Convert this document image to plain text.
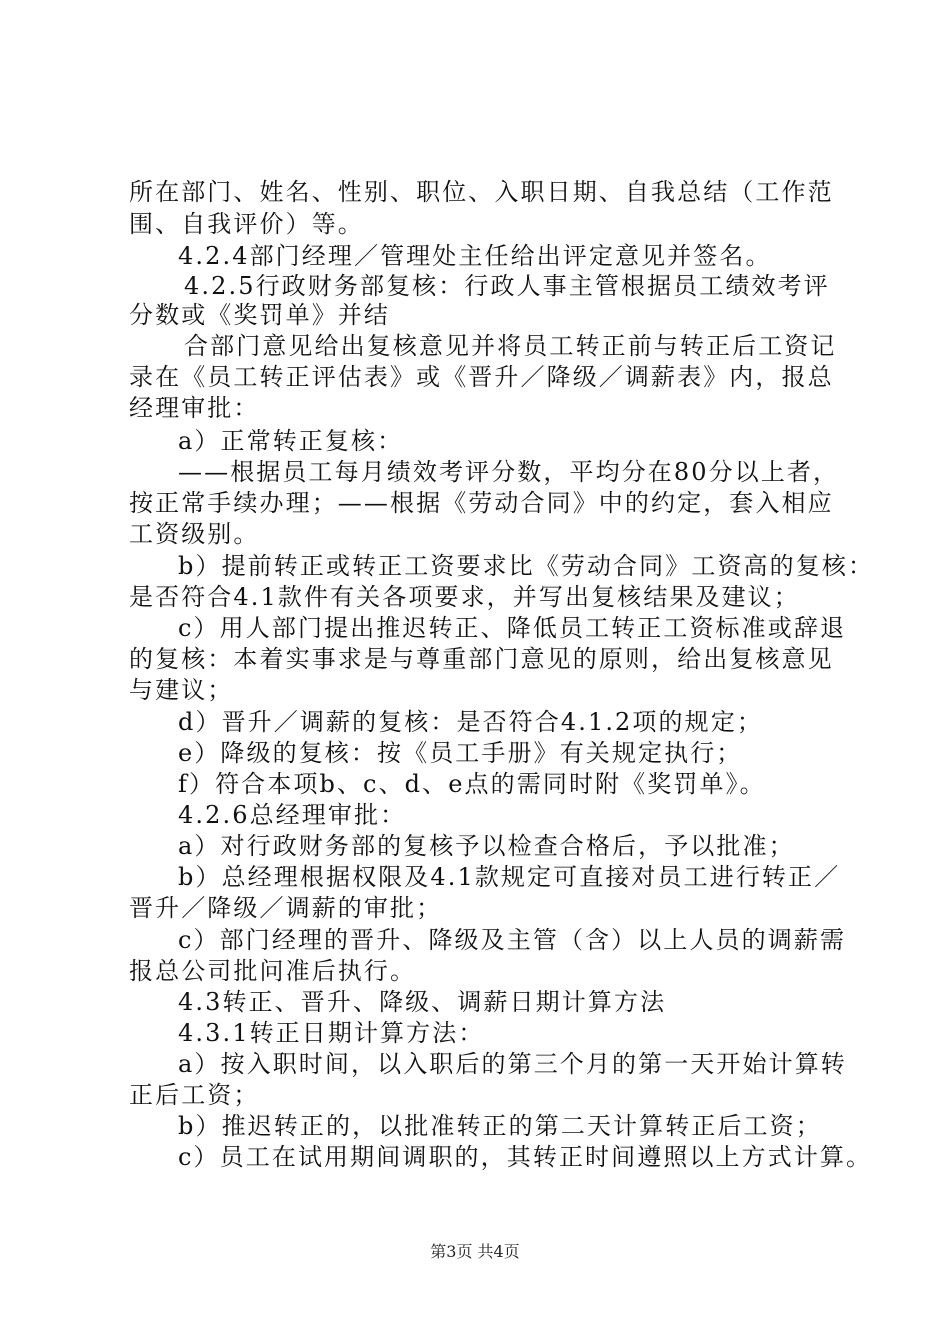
所在部门、姓名、性别、职位、入职日期、自我总结（工作范
围、自我评价）等。
4.2.4部门经理／管理处主任给出评定意见并签名。
4.2.5行政财务部复核：行政人事主管根据员工绩效考评
分数或《奖罚单》并结
合部门意见给出复核意见并将员工转正前与转正后工资记
录在《员工转正评估表》或《晋升／降级／调薪表》内，报总
经理审批：
a）正常转正复核：
——根据员工每月绩效考评分数，平均分在80分以上者，
按正常手续办理；——根据《劳动合同》中的约定，套入相应
工资级别。
b）提前转正或转正工资要求比《劳动合同》工资高的复核：
是否符合4.1款件有关各项要求，并写出复核结果及建议；
c）用人部门提出推迟转正、降低员工转正工资标准或辞退
的复核：本着实事求是与尊重部门意见的原则，给出复核意见
与建议；
d）晋升／调薪的复核：是否符合4.1.2项的规定；
e）降级的复核：按《员工手册》有关规定执行；
f）符合本项b、c、d、e点的需同时附《奖罚单》。
4.2.6总经理审批：
a）对行政财务部的复核予以检查合格后，予以批准；
b）总经理根据权限及4.1款规定可直接对员工进行转正／
晋升／降级／调薪的审批；
c）部门经理的晋升、降级及主管（含）以上人员的调薪需
报总公司批问准后执行。
4.3转正、晋升、降级、调薪日期计算方法
4.3.1转正日期计算方法：
a）按入职时间，以入职后的第三个月的第一天开始计算转
正后工资；
b）推迟转正的，以批准转正的第二天计算转正后工资；
c）员工在试用期间调职的，其转正时间遵照以上方式计算。
第3页 共4页
